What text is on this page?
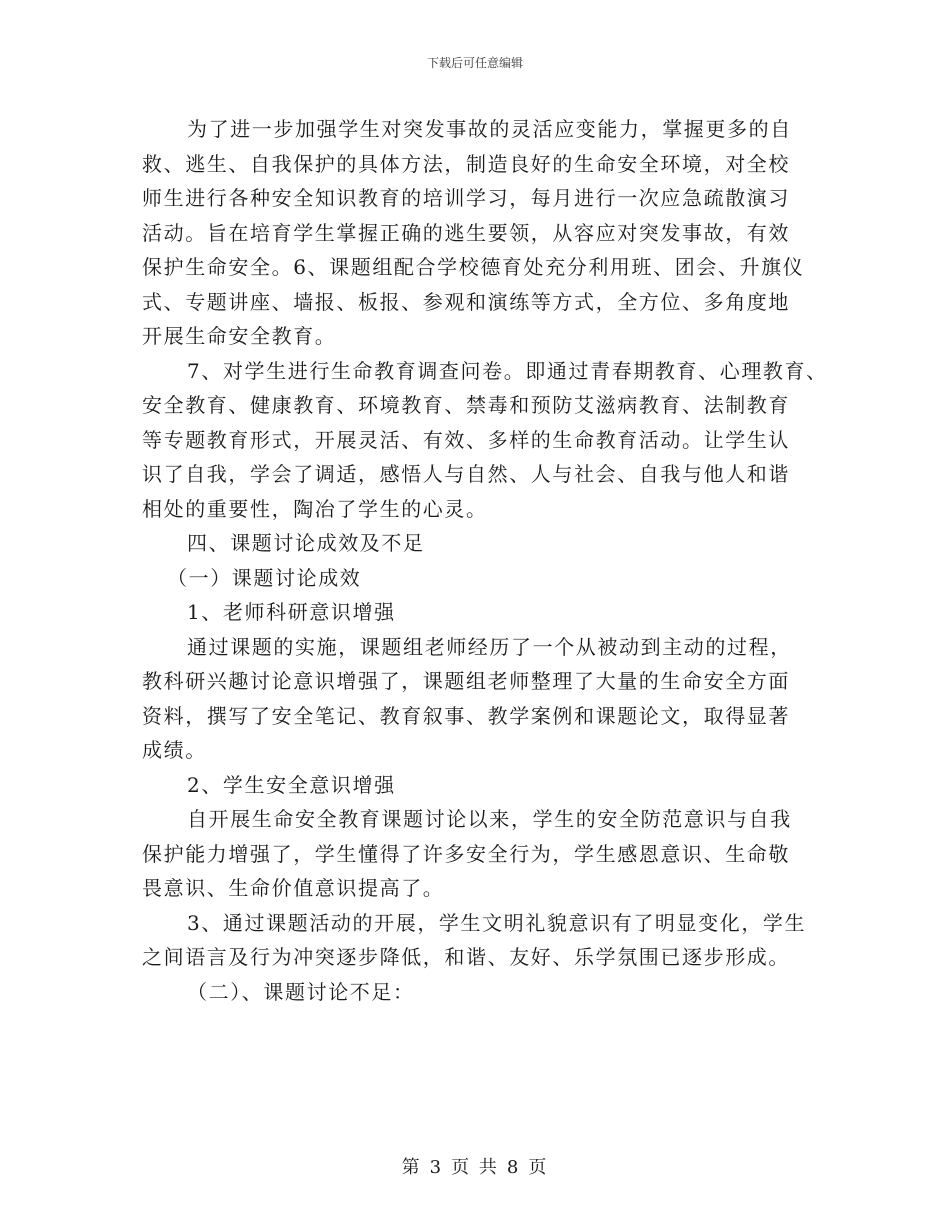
下载后可任意编辑
为了进一步加强学生对突发事故的灵活应变能力，掌握更多的自
救、逃生、自我保护的具体方法，制造良好的生命安全环境，对全校
师生进行各种安全知识教育的培训学习，每月进行一次应急疏散演习
活动。旨在培育学生掌握正确的逃生要领，从容应对突发事故，有效
保护生命安全。6、课题组配合学校德育处充分利用班、团会、升旗仪
式、专题讲座、墙报、板报、参观和演练等方式，全方位、多角度地
开展生命安全教育。
7、对学生进行生命教育调查问卷。即通过青春期教育、心理教育、
安全教育、健康教育、环境教育、禁毒和预防艾滋病教育、法制教育
等专题教育形式，开展灵活、有效、多样的生命教育活动。让学生认
识了自我，学会了调适，感悟人与自然、人与社会、自我与他人和谐
相处的重要性，陶冶了学生的心灵。
四、课题讨论成效及不足
（一）课题讨论成效
1、老师科研意识增强
通过课题的实施，课题组老师经历了一个从被动到主动的过程，
教科研兴趣讨论意识增强了，课题组老师整理了大量的生命安全方面
资料，撰写了安全笔记、教育叙事、教学案例和课题论文，取得显著
成绩。
2、学生安全意识增强
自开展生命安全教育课题讨论以来，学生的安全防范意识与自我
保护能力增强了，学生懂得了许多安全行为，学生感恩意识、生命敬
畏意识、生命价值意识提高了。
3、通过课题活动的开展，学生文明礼貌意识有了明显变化，学生
之间语言及行为冲突逐步降低，和谐、友好、乐学氛围已逐步形成。
（二）、课题讨论不足：
第 3 页 共 8 页
